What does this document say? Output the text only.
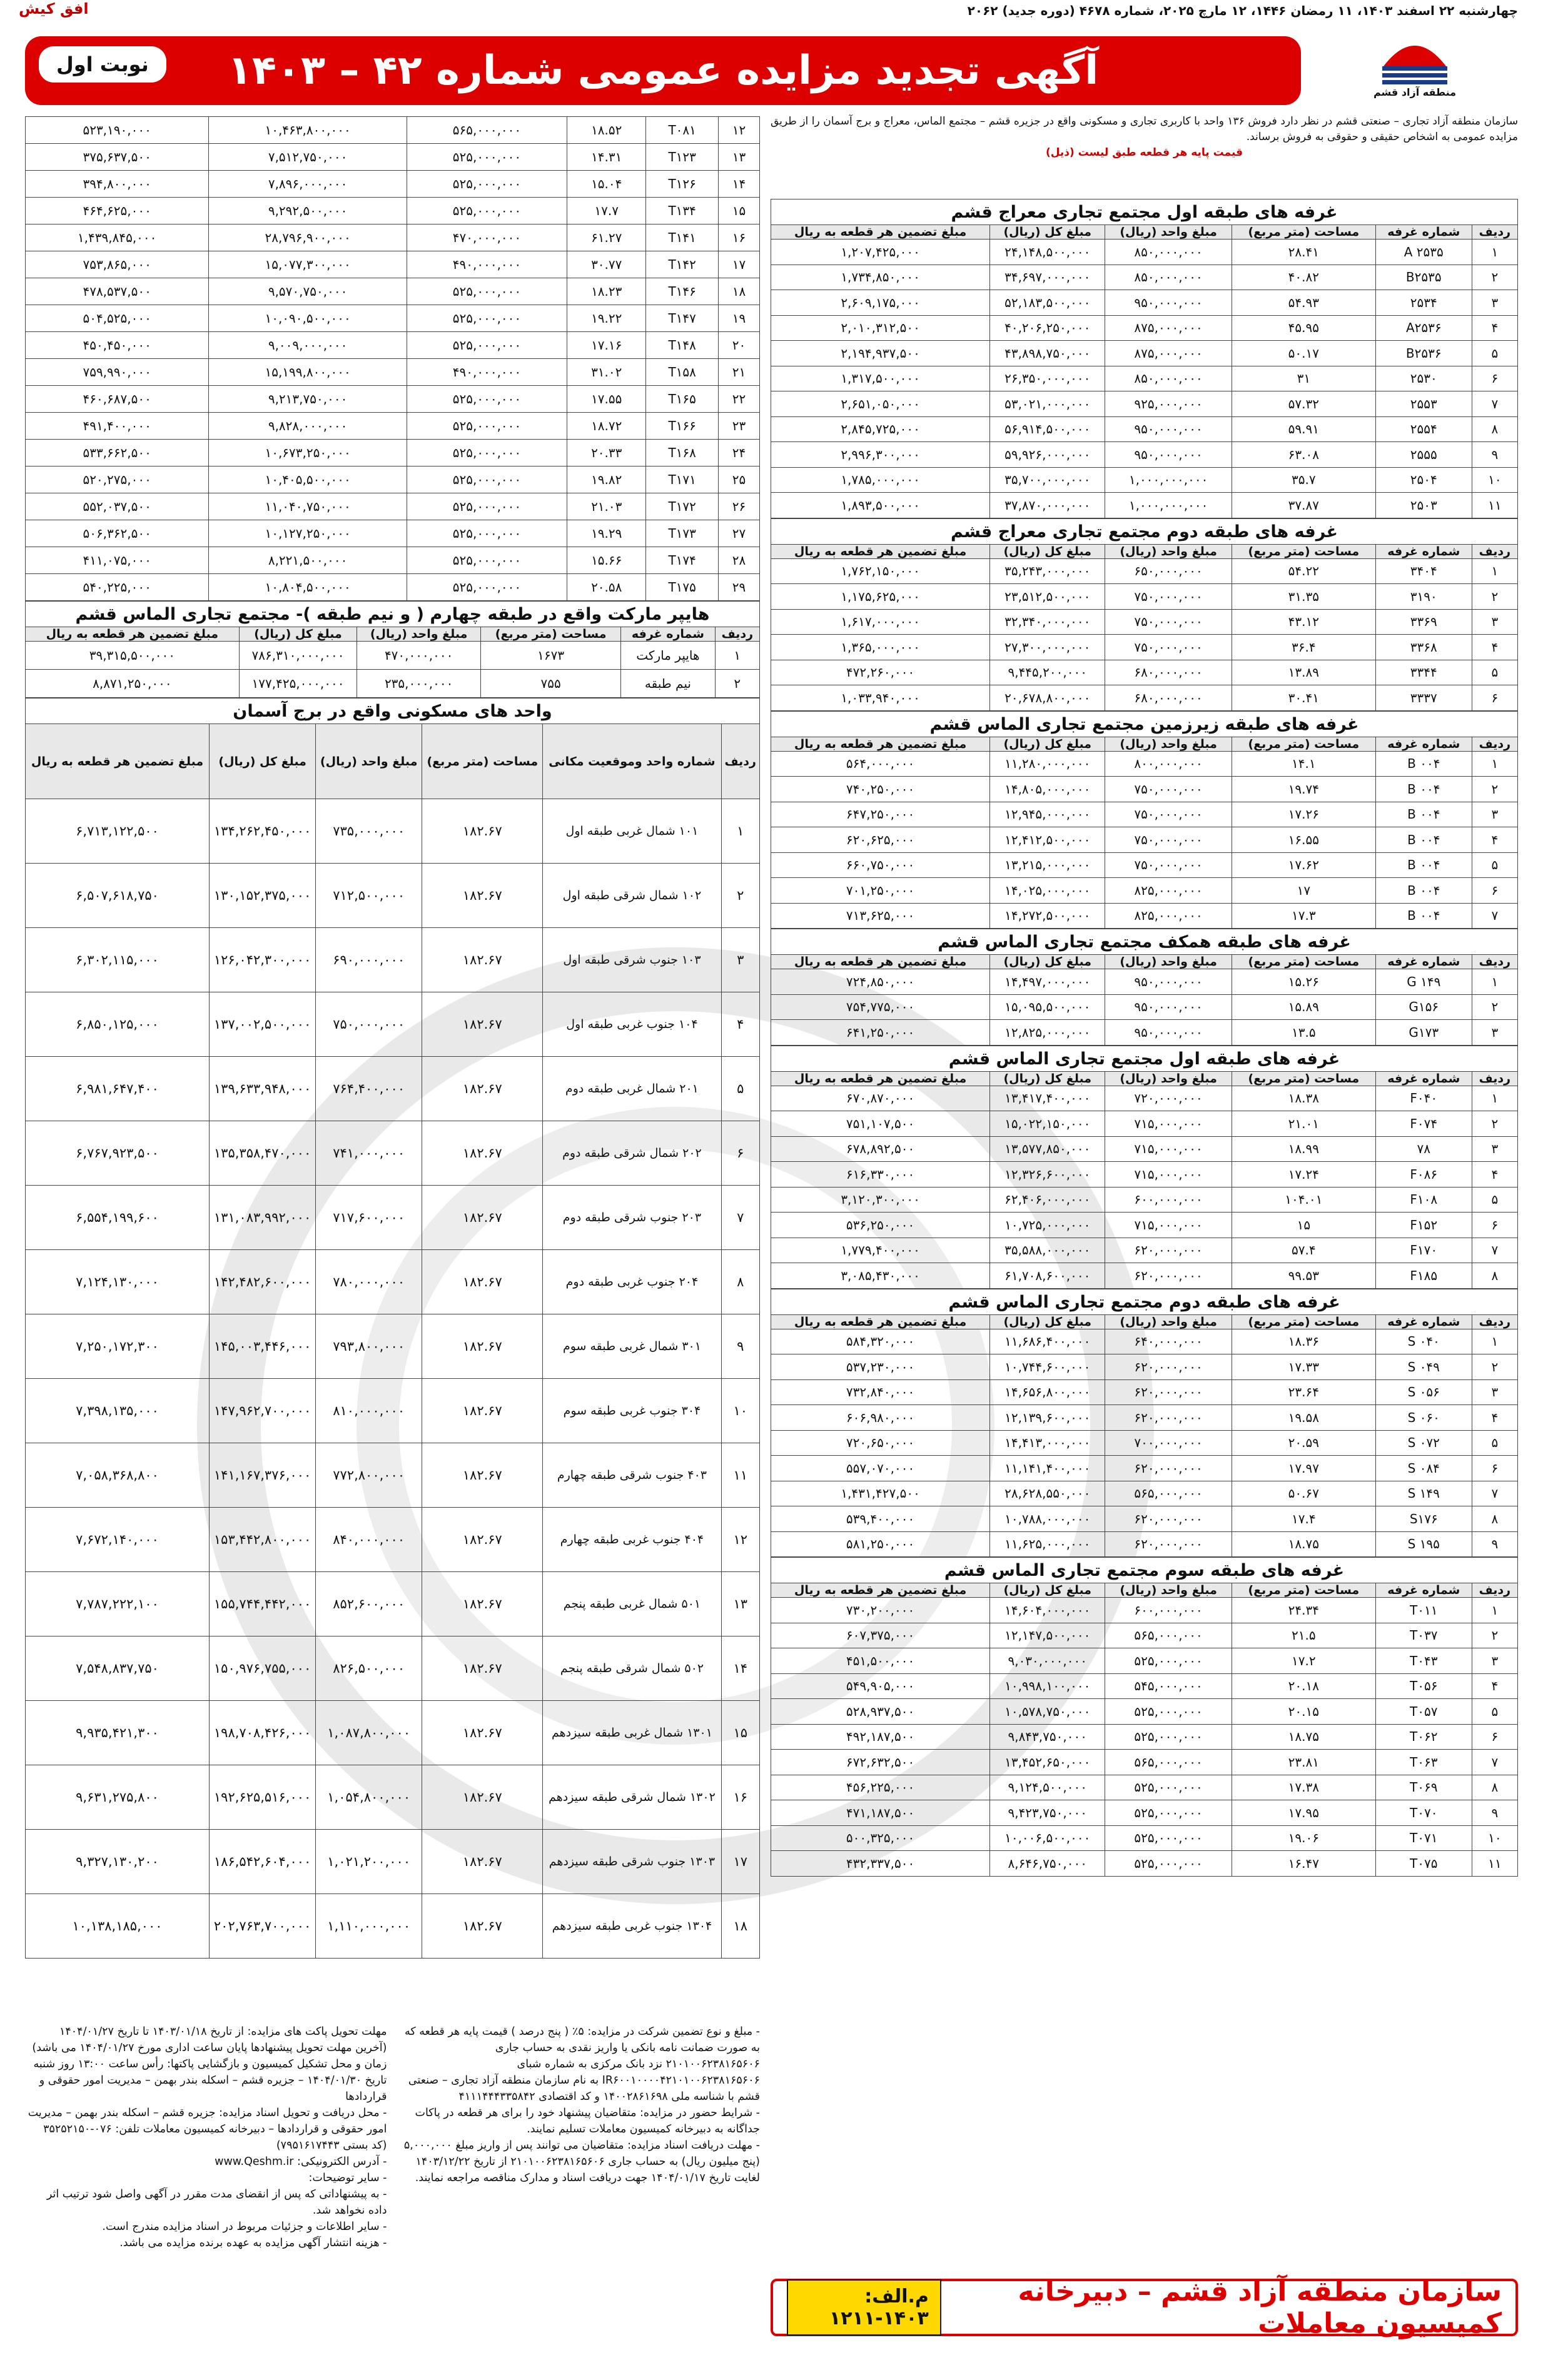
چهارشنبه ۲۲ اسفند ۱۴۰۳، ۱۱ رمضان ۱۴۴۶، ۱۲ مارچ ۲۰۲۵، شماره ۴۶۷۸ (دوره جدید) ۲۰۶۲
افق کیش
آگهی تجدید مزایده عمومی شماره ۴۲ – ۱۴۰۳
نوبت اول
منطقه آزاد قشم

سازمان منطقه آزاد تجاری – صنعتی قشم در نظر دارد فروش ۱۳۶ واحد با کاربری تجاری و مسکونی واقع در جزیره قشم – مجتمع الماس، معراج و برج آسمان را از طریق مزایده عمومی به اشخاص حقیقی و حقوقی به فروش برساند.

قیمت پایه هر قطعه طبق لیست (ذیل)

غرفه های طبقه اول مجتمع تجاری معراج قشم
ردیف	شماره غرفه	مساحت (متر مربع)	مبلغ واحد (ریال)	مبلغ کل (ریال)	مبلغ تضمین هر قطعه به ریال
۱	A ۲۵۳۵	۲۸.۴۱	۸۵۰,۰۰۰,۰۰۰	۲۴,۱۴۸,۵۰۰,۰۰۰	۱,۲۰۷,۴۲۵,۰۰۰
۲	B۲۵۳۵	۴۰.۸۲	۸۵۰,۰۰۰,۰۰۰	۳۴,۶۹۷,۰۰۰,۰۰۰	۱,۷۳۴,۸۵۰,۰۰۰
۳	۲۵۳۴	۵۴.۹۳	۹۵۰,۰۰۰,۰۰۰	۵۲,۱۸۳,۵۰۰,۰۰۰	۲,۶۰۹,۱۷۵,۰۰۰
۴	A۲۵۳۶	۴۵.۹۵	۸۷۵,۰۰۰,۰۰۰	۴۰,۲۰۶,۲۵۰,۰۰۰	۲,۰۱۰,۳۱۲,۵۰۰
۵	B۲۵۳۶	۵۰.۱۷	۸۷۵,۰۰۰,۰۰۰	۴۳,۸۹۸,۷۵۰,۰۰۰	۲,۱۹۴,۹۳۷,۵۰۰
۶	۲۵۳۰	۳۱	۸۵۰,۰۰۰,۰۰۰	۲۶,۳۵۰,۰۰۰,۰۰۰	۱,۳۱۷,۵۰۰,۰۰۰
۷	۲۵۵۳	۵۷.۳۲	۹۲۵,۰۰۰,۰۰۰	۵۳,۰۲۱,۰۰۰,۰۰۰	۲,۶۵۱,۰۵۰,۰۰۰
۸	۲۵۵۴	۵۹.۹۱	۹۵۰,۰۰۰,۰۰۰	۵۶,۹۱۴,۵۰۰,۰۰۰	۲,۸۴۵,۷۲۵,۰۰۰
۹	۲۵۵۵	۶۳.۰۸	۹۵۰,۰۰۰,۰۰۰	۵۹,۹۲۶,۰۰۰,۰۰۰	۲,۹۹۶,۳۰۰,۰۰۰
۱۰	۲۵۰۴	۳۵.۷	۱,۰۰۰,۰۰۰,۰۰۰	۳۵,۷۰۰,۰۰۰,۰۰۰	۱,۷۸۵,۰۰۰,۰۰۰
۱۱	۲۵۰۳	۳۷.۸۷	۱,۰۰۰,۰۰۰,۰۰۰	۳۷,۸۷۰,۰۰۰,۰۰۰	۱,۸۹۳,۵۰۰,۰۰۰
غرفه های طبقه دوم مجتمع تجاری معراج قشم
ردیف	شماره غرفه	مساحت (متر مربع)	مبلغ واحد (ریال)	مبلغ کل (ریال)	مبلغ تضمین هر قطعه به ریال
۱	۳۴۰۴	۵۴.۲۲	۶۵۰,۰۰۰,۰۰۰	۳۵,۲۴۳,۰۰۰,۰۰۰	۱,۷۶۲,۱۵۰,۰۰۰
۲	۳۱۹۰	۳۱.۳۵	۷۵۰,۰۰۰,۰۰۰	۲۳,۵۱۲,۵۰۰,۰۰۰	۱,۱۷۵,۶۲۵,۰۰۰
۳	۳۳۶۹	۴۳.۱۲	۷۵۰,۰۰۰,۰۰۰	۳۲,۳۴۰,۰۰۰,۰۰۰	۱,۶۱۷,۰۰۰,۰۰۰
۴	۳۳۶۸	۳۶.۴	۷۵۰,۰۰۰,۰۰۰	۲۷,۳۰۰,۰۰۰,۰۰۰	۱,۳۶۵,۰۰۰,۰۰۰
۵	۳۳۴۴	۱۳.۸۹	۶۸۰,۰۰۰,۰۰۰	۹,۴۴۵,۲۰۰,۰۰۰	۴۷۲,۲۶۰,۰۰۰
۶	۳۳۳۷	۳۰.۴۱	۶۸۰,۰۰۰,۰۰۰	۲۰,۶۷۸,۸۰۰,۰۰۰	۱,۰۳۳,۹۴۰,۰۰۰
غرفه های طبقه زیرزمین مجتمع تجاری الماس قشم
ردیف	شماره غرفه	مساحت (متر مربع)	مبلغ واحد (ریال)	مبلغ کل (ریال)	مبلغ تضمین هر قطعه به ریال
۱	B ۰۰۴	۱۴.۱	۸۰۰,۰۰۰,۰۰۰	۱۱,۲۸۰,۰۰۰,۰۰۰	۵۶۴,۰۰۰,۰۰۰
۲	B ۰۰۴	۱۹.۷۴	۷۵۰,۰۰۰,۰۰۰	۱۴,۸۰۵,۰۰۰,۰۰۰	۷۴۰,۲۵۰,۰۰۰
۳	B ۰۰۴	۱۷.۲۶	۷۵۰,۰۰۰,۰۰۰	۱۲,۹۴۵,۰۰۰,۰۰۰	۶۴۷,۲۵۰,۰۰۰
۴	B ۰۰۴	۱۶.۵۵	۷۵۰,۰۰۰,۰۰۰	۱۲,۴۱۲,۵۰۰,۰۰۰	۶۲۰,۶۲۵,۰۰۰
۵	B ۰۰۴	۱۷.۶۲	۷۵۰,۰۰۰,۰۰۰	۱۳,۲۱۵,۰۰۰,۰۰۰	۶۶۰,۷۵۰,۰۰۰
۶	B ۰۰۴	۱۷	۸۲۵,۰۰۰,۰۰۰	۱۴,۰۲۵,۰۰۰,۰۰۰	۷۰۱,۲۵۰,۰۰۰
۷	B ۰۰۴	۱۷.۳	۸۲۵,۰۰۰,۰۰۰	۱۴,۲۷۲,۵۰۰,۰۰۰	۷۱۳,۶۲۵,۰۰۰
غرفه های طبقه همکف مجتمع تجاری الماس قشم
ردیف	شماره غرفه	مساحت (متر مربع)	مبلغ واحد (ریال)	مبلغ کل (ریال)	مبلغ تضمین هر قطعه به ریال
۱	G ۱۴۹	۱۵.۲۶	۹۵۰,۰۰۰,۰۰۰	۱۴,۴۹۷,۰۰۰,۰۰۰	۷۲۴,۸۵۰,۰۰۰
۲	G۱۵۶	۱۵.۸۹	۹۵۰,۰۰۰,۰۰۰	۱۵,۰۹۵,۵۰۰,۰۰۰	۷۵۴,۷۷۵,۰۰۰
۳	G۱۷۳	۱۳.۵	۹۵۰,۰۰۰,۰۰۰	۱۲,۸۲۵,۰۰۰,۰۰۰	۶۴۱,۲۵۰,۰۰۰
غرفه های طبقه اول مجتمع تجاری الماس قشم
ردیف	شماره غرفه	مساحت (متر مربع)	مبلغ واحد (ریال)	مبلغ کل (ریال)	مبلغ تضمین هر قطعه به ریال
۱	F۰۴۰	۱۸.۳۸	۷۲۰,۰۰۰,۰۰۰	۱۳,۴۱۷,۴۰۰,۰۰۰	۶۷۰,۸۷۰,۰۰۰
۲	F۰۷۴	۲۱.۰۱	۷۱۵,۰۰۰,۰۰۰	۱۵,۰۲۲,۱۵۰,۰۰۰	۷۵۱,۱۰۷,۵۰۰
۳	۷۸	۱۸.۹۹	۷۱۵,۰۰۰,۰۰۰	۱۳,۵۷۷,۸۵۰,۰۰۰	۶۷۸,۸۹۲,۵۰۰
۴	F۰۸۶	۱۷.۲۴	۷۱۵,۰۰۰,۰۰۰	۱۲,۳۲۶,۶۰۰,۰۰۰	۶۱۶,۳۳۰,۰۰۰
۵	F۱۰۸	۱۰۴.۰۱	۶۰۰,۰۰۰,۰۰۰	۶۲,۴۰۶,۰۰۰,۰۰۰	۳,۱۲۰,۳۰۰,۰۰۰
۶	F۱۵۲	۱۵	۷۱۵,۰۰۰,۰۰۰	۱۰,۷۲۵,۰۰۰,۰۰۰	۵۳۶,۲۵۰,۰۰۰
۷	F۱۷۰	۵۷.۴	۶۲۰,۰۰۰,۰۰۰	۳۵,۵۸۸,۰۰۰,۰۰۰	۱,۷۷۹,۴۰۰,۰۰۰
۸	F۱۸۵	۹۹.۵۳	۶۲۰,۰۰۰,۰۰۰	۶۱,۷۰۸,۶۰۰,۰۰۰	۳,۰۸۵,۴۳۰,۰۰۰
غرفه های طبقه دوم مجتمع تجاری الماس قشم
ردیف	شماره غرفه	مساحت (متر مربع)	مبلغ واحد (ریال)	مبلغ کل (ریال)	مبلغ تضمین هر قطعه به ریال
۱	S ۰۴۰	۱۸.۳۶	۶۴۰,۰۰۰,۰۰۰	۱۱,۶۸۶,۴۰۰,۰۰۰	۵۸۴,۳۲۰,۰۰۰
۲	S ۰۴۹	۱۷.۳۳	۶۲۰,۰۰۰,۰۰۰	۱۰,۷۴۴,۶۰۰,۰۰۰	۵۳۷,۲۳۰,۰۰۰
۳	S ۰۵۶	۲۳.۶۴	۶۲۰,۰۰۰,۰۰۰	۱۴,۶۵۶,۸۰۰,۰۰۰	۷۳۲,۸۴۰,۰۰۰
۴	S ۰۶۰	۱۹.۵۸	۶۲۰,۰۰۰,۰۰۰	۱۲,۱۳۹,۶۰۰,۰۰۰	۶۰۶,۹۸۰,۰۰۰
۵	S ۰۷۲	۲۰.۵۹	۷۰۰,۰۰۰,۰۰۰	۱۴,۴۱۳,۰۰۰,۰۰۰	۷۲۰,۶۵۰,۰۰۰
۶	S ۰۸۴	۱۷.۹۷	۶۲۰,۰۰۰,۰۰۰	۱۱,۱۴۱,۴۰۰,۰۰۰	۵۵۷,۰۷۰,۰۰۰
۷	S ۱۴۹	۵۰.۶۷	۵۶۵,۰۰۰,۰۰۰	۲۸,۶۲۸,۵۵۰,۰۰۰	۱,۴۳۱,۴۲۷,۵۰۰
۸	S۱۷۶	۱۷.۴	۶۲۰,۰۰۰,۰۰۰	۱۰,۷۸۸,۰۰۰,۰۰۰	۵۳۹,۴۰۰,۰۰۰
۹	S ۱۹۵	۱۸.۷۵	۶۲۰,۰۰۰,۰۰۰	۱۱,۶۲۵,۰۰۰,۰۰۰	۵۸۱,۲۵۰,۰۰۰
غرفه های طبقه سوم مجتمع تجاری الماس قشم
ردیف	شماره غرفه	مساحت (متر مربع)	مبلغ واحد (ریال)	مبلغ کل (ریال)	مبلغ تضمین هر قطعه به ریال
۱	T۰۱۱	۲۴.۳۴	۶۰۰,۰۰۰,۰۰۰	۱۴,۶۰۴,۰۰۰,۰۰۰	۷۳۰,۲۰۰,۰۰۰
۲	T۰۳۷	۲۱.۵	۵۶۵,۰۰۰,۰۰۰	۱۲,۱۴۷,۵۰۰,۰۰۰	۶۰۷,۳۷۵,۰۰۰
۳	T۰۴۳	۱۷.۲	۵۲۵,۰۰۰,۰۰۰	۹,۰۳۰,۰۰۰,۰۰۰	۴۵۱,۵۰۰,۰۰۰
۴	T۰۵۶	۲۰.۱۸	۵۴۵,۰۰۰,۰۰۰	۱۰,۹۹۸,۱۰۰,۰۰۰	۵۴۹,۹۰۵,۰۰۰
۵	T۰۵۷	۲۰.۱۵	۵۲۵,۰۰۰,۰۰۰	۱۰,۵۷۸,۷۵۰,۰۰۰	۵۲۸,۹۳۷,۵۰۰
۶	T۰۶۲	۱۸.۷۵	۵۲۵,۰۰۰,۰۰۰	۹,۸۴۳,۷۵۰,۰۰۰	۴۹۲,۱۸۷,۵۰۰
۷	T۰۶۳	۲۳.۸۱	۵۶۵,۰۰۰,۰۰۰	۱۳,۴۵۲,۶۵۰,۰۰۰	۶۷۲,۶۳۲,۵۰۰
۸	T۰۶۹	۱۷.۳۸	۵۲۵,۰۰۰,۰۰۰	۹,۱۲۴,۵۰۰,۰۰۰	۴۵۶,۲۲۵,۰۰۰
۹	T۰۷۰	۱۷.۹۵	۵۲۵,۰۰۰,۰۰۰	۹,۴۲۳,۷۵۰,۰۰۰	۴۷۱,۱۸۷,۵۰۰
۱۰	T۰۷۱	۱۹.۰۶	۵۲۵,۰۰۰,۰۰۰	۱۰,۰۰۶,۵۰۰,۰۰۰	۵۰۰,۳۲۵,۰۰۰
۱۱	T۰۷۵	۱۶.۴۷	۵۲۵,۰۰۰,۰۰۰	۸,۶۴۶,۷۵۰,۰۰۰	۴۳۲,۳۳۷,۵۰۰
۱۲	T۰۸۱	۱۸.۵۲	۵۶۵,۰۰۰,۰۰۰	۱۰,۴۶۳,۸۰۰,۰۰۰	۵۲۳,۱۹۰,۰۰۰
۱۳	T۱۲۳	۱۴.۳۱	۵۲۵,۰۰۰,۰۰۰	۷,۵۱۲,۷۵۰,۰۰۰	۳۷۵,۶۳۷,۵۰۰
۱۴	T۱۲۶	۱۵.۰۴	۵۲۵,۰۰۰,۰۰۰	۷,۸۹۶,۰۰۰,۰۰۰	۳۹۴,۸۰۰,۰۰۰
۱۵	T۱۳۴	۱۷.۷	۵۲۵,۰۰۰,۰۰۰	۹,۲۹۲,۵۰۰,۰۰۰	۴۶۴,۶۲۵,۰۰۰
۱۶	T۱۴۱	۶۱.۲۷	۴۷۰,۰۰۰,۰۰۰	۲۸,۷۹۶,۹۰۰,۰۰۰	۱,۴۳۹,۸۴۵,۰۰۰
۱۷	T۱۴۲	۳۰.۷۷	۴۹۰,۰۰۰,۰۰۰	۱۵,۰۷۷,۳۰۰,۰۰۰	۷۵۳,۸۶۵,۰۰۰
۱۸	T۱۴۶	۱۸.۲۳	۵۲۵,۰۰۰,۰۰۰	۹,۵۷۰,۷۵۰,۰۰۰	۴۷۸,۵۳۷,۵۰۰
۱۹	T۱۴۷	۱۹.۲۲	۵۲۵,۰۰۰,۰۰۰	۱۰,۰۹۰,۵۰۰,۰۰۰	۵۰۴,۵۲۵,۰۰۰
۲۰	T۱۴۸	۱۷.۱۶	۵۲۵,۰۰۰,۰۰۰	۹,۰۰۹,۰۰۰,۰۰۰	۴۵۰,۴۵۰,۰۰۰
۲۱	T۱۵۸	۳۱.۰۲	۴۹۰,۰۰۰,۰۰۰	۱۵,۱۹۹,۸۰۰,۰۰۰	۷۵۹,۹۹۰,۰۰۰
۲۲	T۱۶۵	۱۷.۵۵	۵۲۵,۰۰۰,۰۰۰	۹,۲۱۳,۷۵۰,۰۰۰	۴۶۰,۶۸۷,۵۰۰
۲۳	T۱۶۶	۱۸.۷۲	۵۲۵,۰۰۰,۰۰۰	۹,۸۲۸,۰۰۰,۰۰۰	۴۹۱,۴۰۰,۰۰۰
۲۴	T۱۶۸	۲۰.۳۳	۵۲۵,۰۰۰,۰۰۰	۱۰,۶۷۳,۲۵۰,۰۰۰	۵۳۳,۶۶۲,۵۰۰
۲۵	T۱۷۱	۱۹.۸۲	۵۲۵,۰۰۰,۰۰۰	۱۰,۴۰۵,۵۰۰,۰۰۰	۵۲۰,۲۷۵,۰۰۰
۲۶	T۱۷۲	۲۱.۰۳	۵۲۵,۰۰۰,۰۰۰	۱۱,۰۴۰,۷۵۰,۰۰۰	۵۵۲,۰۳۷,۵۰۰
۲۷	T۱۷۳	۱۹.۲۹	۵۲۵,۰۰۰,۰۰۰	۱۰,۱۲۷,۲۵۰,۰۰۰	۵۰۶,۳۶۲,۵۰۰
۲۸	T۱۷۴	۱۵.۶۶	۵۲۵,۰۰۰,۰۰۰	۸,۲۲۱,۵۰۰,۰۰۰	۴۱۱,۰۷۵,۰۰۰
۲۹	T۱۷۵	۲۰.۵۸	۵۲۵,۰۰۰,۰۰۰	۱۰,۸۰۴,۵۰۰,۰۰۰	۵۴۰,۲۲۵,۰۰۰
هایپر مارکت واقع در طبقه چهارم ( و نیم طبقه )- مجتمع تجاری الماس قشم
ردیف	شماره غرفه	مساحت (متر مربع)	مبلغ واحد (ریال)	مبلغ کل (ریال)	مبلغ تضمین هر قطعه به ریال
۱	هایپر مارکت	۱۶۷۳	۴۷۰,۰۰۰,۰۰۰	۷۸۶,۳۱۰,۰۰۰,۰۰۰	۳۹,۳۱۵,۵۰۰,۰۰۰
۲	نیم طبقه	۷۵۵	۲۳۵,۰۰۰,۰۰۰	۱۷۷,۴۲۵,۰۰۰,۰۰۰	۸,۸۷۱,۲۵۰,۰۰۰
واحد های مسکونی واقع در برج آسمان
ردیف	شماره واحد وموقعیت مکانی	مساحت (متر مربع)	مبلغ واحد (ریال)	مبلغ کل (ریال)	مبلغ تضمین هر قطعه به ریال
۱	۱۰۱ شمال غربی طبقه اول	۱۸۲.۶۷	۷۳۵,۰۰۰,۰۰۰	۱۳۴,۲۶۲,۴۵۰,۰۰۰	۶,۷۱۳,۱۲۲,۵۰۰
۲	۱۰۲ شمال شرقی طبقه اول	۱۸۲.۶۷	۷۱۲,۵۰۰,۰۰۰	۱۳۰,۱۵۲,۳۷۵,۰۰۰	۶,۵۰۷,۶۱۸,۷۵۰
۳	۱۰۳ جنوب شرقی طبقه اول	۱۸۲.۶۷	۶۹۰,۰۰۰,۰۰۰	۱۲۶,۰۴۲,۳۰۰,۰۰۰	۶,۳۰۲,۱۱۵,۰۰۰
۴	۱۰۴ جنوب غربی طبقه اول	۱۸۲.۶۷	۷۵۰,۰۰۰,۰۰۰	۱۳۷,۰۰۲,۵۰۰,۰۰۰	۶,۸۵۰,۱۲۵,۰۰۰
۵	۲۰۱ شمال غربی طبقه دوم	۱۸۲.۶۷	۷۶۴,۴۰۰,۰۰۰	۱۳۹,۶۳۳,۹۴۸,۰۰۰	۶,۹۸۱,۶۴۷,۴۰۰
۶	۲۰۲ شمال شرقی طبقه دوم	۱۸۲.۶۷	۷۴۱,۰۰۰,۰۰۰	۱۳۵,۳۵۸,۴۷۰,۰۰۰	۶,۷۶۷,۹۲۳,۵۰۰
۷	۲۰۳ جنوب شرقی طبقه دوم	۱۸۲.۶۷	۷۱۷,۶۰۰,۰۰۰	۱۳۱,۰۸۳,۹۹۲,۰۰۰	۶,۵۵۴,۱۹۹,۶۰۰
۸	۲۰۴ جنوب غربی طبقه دوم	۱۸۲.۶۷	۷۸۰,۰۰۰,۰۰۰	۱۴۲,۴۸۲,۶۰۰,۰۰۰	۷,۱۲۴,۱۳۰,۰۰۰
۹	۳۰۱ شمال غربی طبقه سوم	۱۸۲.۶۷	۷۹۳,۸۰۰,۰۰۰	۱۴۵,۰۰۳,۴۴۶,۰۰۰	۷,۲۵۰,۱۷۲,۳۰۰
۱۰	۳۰۴ جنوب غربی طبقه سوم	۱۸۲.۶۷	۸۱۰,۰۰۰,۰۰۰	۱۴۷,۹۶۲,۷۰۰,۰۰۰	۷,۳۹۸,۱۳۵,۰۰۰
۱۱	۴۰۳ جنوب شرقی طبقه چهارم	۱۸۲.۶۷	۷۷۲,۸۰۰,۰۰۰	۱۴۱,۱۶۷,۳۷۶,۰۰۰	۷,۰۵۸,۳۶۸,۸۰۰
۱۲	۴۰۴ جنوب غربی طبقه چهارم	۱۸۲.۶۷	۸۴۰,۰۰۰,۰۰۰	۱۵۳,۴۴۲,۸۰۰,۰۰۰	۷,۶۷۲,۱۴۰,۰۰۰
۱۳	۵۰۱ شمال غربی طبقه پنجم	۱۸۲.۶۷	۸۵۲,۶۰۰,۰۰۰	۱۵۵,۷۴۴,۴۴۲,۰۰۰	۷,۷۸۷,۲۲۲,۱۰۰
۱۴	۵۰۲ شمال شرقی طبقه پنجم	۱۸۲.۶۷	۸۲۶,۵۰۰,۰۰۰	۱۵۰,۹۷۶,۷۵۵,۰۰۰	۷,۵۴۸,۸۳۷,۷۵۰
۱۵	۱۳۰۱ شمال غربی طبقه سیزدهم	۱۸۲.۶۷	۱,۰۸۷,۸۰۰,۰۰۰	۱۹۸,۷۰۸,۴۲۶,۰۰۰	۹,۹۳۵,۴۲۱,۳۰۰
۱۶	۱۳۰۲ شمال شرقی طبقه سیزدهم	۱۸۲.۶۷	۱,۰۵۴,۸۰۰,۰۰۰	۱۹۲,۶۲۵,۵۱۶,۰۰۰	۹,۶۳۱,۲۷۵,۸۰۰
۱۷	۱۳۰۳ جنوب شرقی طبقه سیزدهم	۱۸۲.۶۷	۱,۰۲۱,۲۰۰,۰۰۰	۱۸۶,۵۴۲,۶۰۴,۰۰۰	۹,۳۲۷,۱۳۰,۲۰۰
۱۸	۱۳۰۴ جنوب غربی طبقه سیزدهم	۱۸۲.۶۷	۱,۱۱۰,۰۰۰,۰۰۰	۲۰۲,۷۶۳,۷۰۰,۰۰۰	۱۰,۱۳۸,۱۸۵,۰۰۰
- مبلغ و نوع تضمین شرکت در مزایده: ۵٪ ( پنج درصد ) قیمت پایه هر قطعه که به صورت ضمانت نامه بانکی یا واریز نقدی به حساب جاری ۲۱۰۱۰۰۶۲۳۸۱۶۵۶۰۶ نزد بانک مرکزی به شماره شبای IR۶۰۰۱۰۰۰۰۴۲۱۰۱۰۰۶۲۳۸۱۶۵۶۰۶ به نام سازمان منطقه آزاد تجاری – صنعتی قشم با شناسه ملی ۱۴۰۰۲۸۶۱۶۹۸ و کد اقتصادی ۴۱۱۱۴۴۴۳۳۵۸۴۲
- شرایط حضور در مزایده: متقاضیان پیشنهاد خود را برای هر قطعه در پاکات جداگانه به دبیرخانه کمیسیون معاملات تسلیم نمایند.
- مهلت دریافت اسناد مزایده: متقاضیان می توانند پس از واریز مبلغ ۵,۰۰۰,۰۰۰ (پنج میلیون ریال) به حساب جاری ۲۱۰۱۰۰۶۲۳۸۱۶۵۶۰۶ از تاریخ ۱۴۰۳/۱۲/۲۲ لغایت تاریخ ۱۴۰۴/۰۱/۱۷ جهت دریافت اسناد و مدارک مناقصه مراجعه نمایند.
مهلت تحویل پاکت های مزایده: از تاریخ ۱۴۰۳/۰۱/۱۸ تا تاریخ ۱۴۰۴/۰۱/۲۷ (آخرین مهلت تحویل پیشنهادها پایان ساعت اداری مورخ ۱۴۰۴/۰۱/۲۷ می باشد)
زمان و محل تشکیل کمیسیون و بازگشایی پاکتها: رأس ساعت ۱۳:۰۰ روز شنبه تاریخ ۱۴۰۴/۰۱/۳۰ – جزیره قشم – اسکله بندر بهمن – مدیریت امور حقوقی و قراردادها
- محل دریافت و تحویل اسناد مزایده: جزیره قشم – اسکله بندر بهمن – مدیریت امور حقوقی و قراردادها – دبیرخانه کمیسیون معاملات تلفن: ۰۷۶-۳۵۲۵۲۱۵۰ (کد بستی ۷۹۵۱۶۱۷۴۴۳)
- آدرس الکترونیکی: www.Qeshm.ir
- سایر توضیحات:
- به پیشنهاداتی که پس از انقضای مدت مقرر در آگهی واصل شود ترتیب اثر داده نخواهد شد.
- سایر اطلاعات و جزئیات مربوط در اسناد مزایده مندرج است.
- هزینه انتشار آگهی مزایده به عهده برنده مزایده می باشد.
سازمان منطقه آزاد قشم – دبیرخانه کمیسیون معاملات
م.الف: ۱۴۰۳-۱۲۱۱
